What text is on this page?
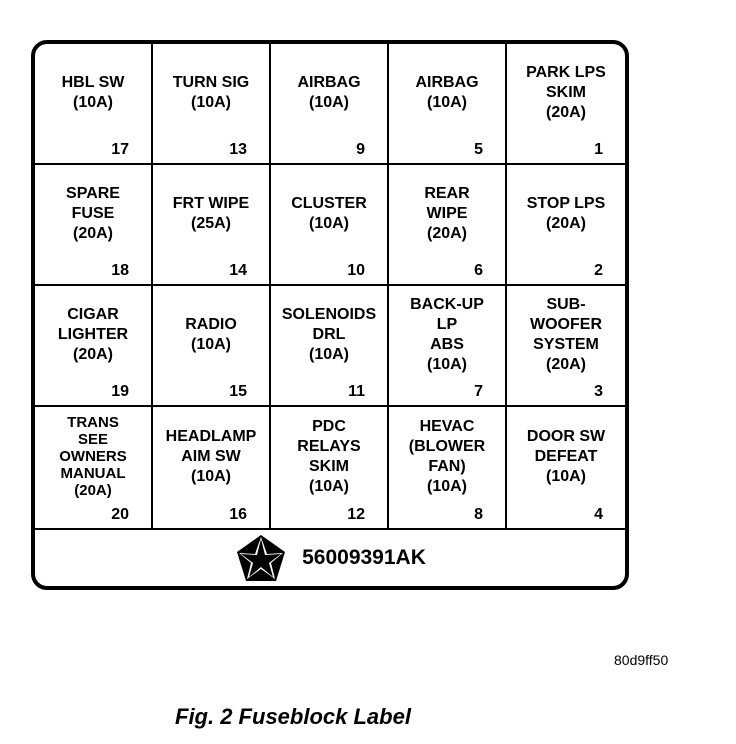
HBL SW
(10A)
17
TURN SIG
(10A)
13
AIRBAG
(10A)
9
AIRBAG
(10A)
5
PARK LPS
SKIM
(20A)
1
SPARE
FUSE
(20A)
18
FRT WIPE
(25A)
14
CLUSTER
(10A)
10
REAR
WIPE
(20A)
6
STOP LPS
(20A)
2
CIGAR
LIGHTER
(20A)
19
RADIO
(10A)
15
SOLENOIDS
DRL
(10A)
11
BACK-UP
LP
ABS
(10A)
7
SUB-
WOOFER
SYSTEM
(20A)
3
TRANS
SEE
OWNERS
MANUAL
(20A)
20
HEADLAMP
AIM SW
(10A)
16
PDC
RELAYS
SKIM
(10A)
12
HEVAC
(BLOWER
FAN)
(10A)
8
DOOR SW
DEFEAT
(10A)
4
56009391AK
80d9ff50
Fig. 2 Fuseblock Label
